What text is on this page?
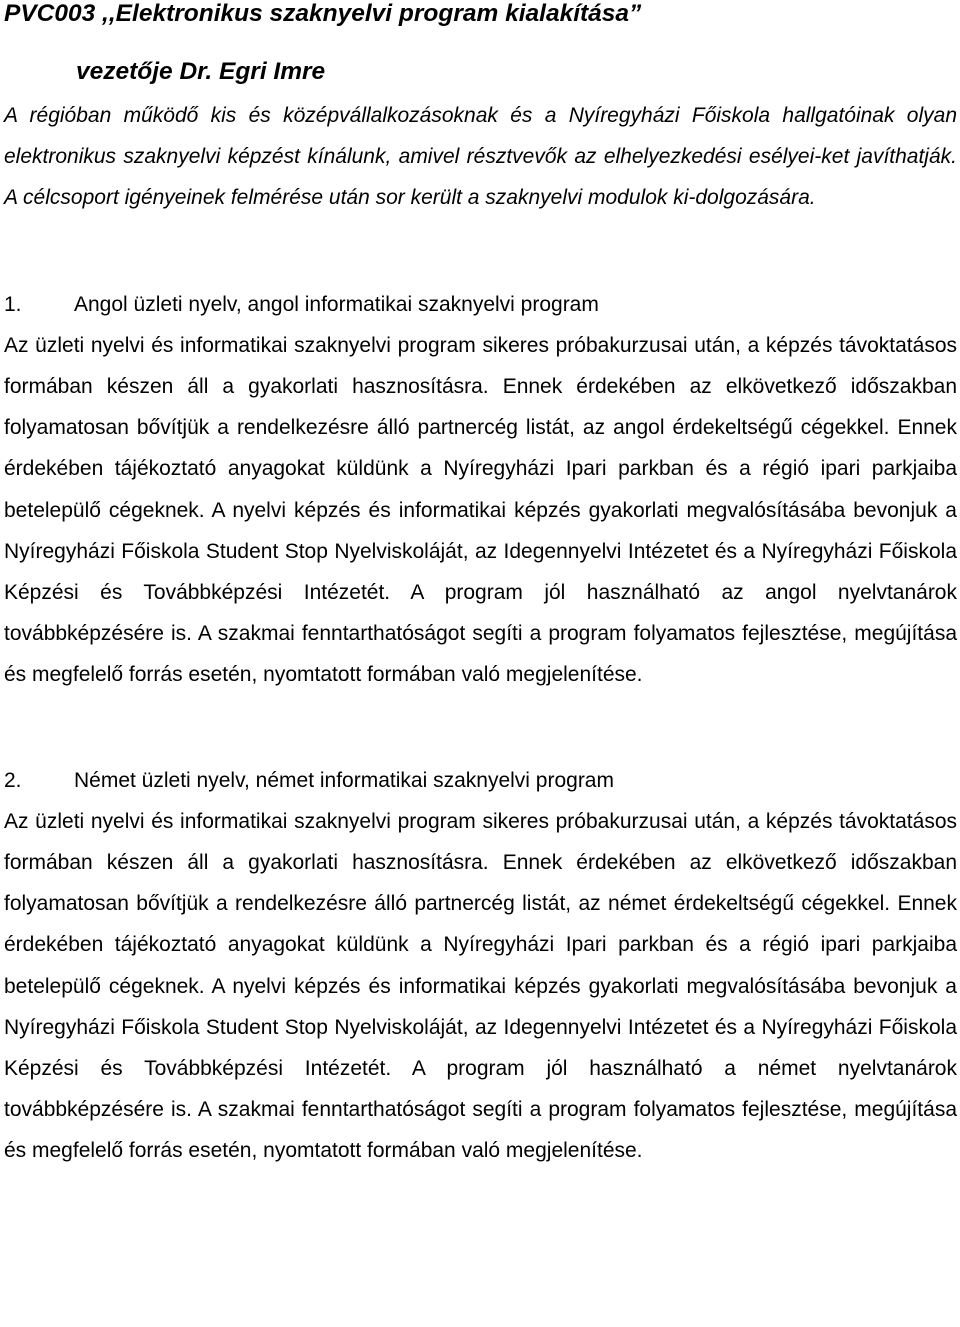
PVC003 ,,Elektronikus szaknyelvi program kialakítása”
vezetője Dr. Egri Imre

A régióban működő kis és középvállalkozásoknak és a Nyíregyházi Főiskola hallgatóinak olyan elektronikus szaknyelvi képzést kínálunk, amivel résztvevők az elhelyezkedési esélyei-ket javíthatják. A célcsoport igényeinek felmérése után sor került a szaknyelvi modulok ki-dolgozására.

1. Angol üzleti nyelv, angol informatikai szaknyelvi program

Az üzleti nyelvi és informatikai szaknyelvi program sikeres próbakurzusai után, a képzés távoktatásos formában készen áll a gyakorlati hasznosításra. Ennek érdekében az elkövetkező időszakban folyamatosan bővítjük a rendelkezésre álló partnercég listát, az angol érdekeltségű cégekkel. Ennek érdekében tájékoztató anyagokat küldünk a Nyíregyházi Ipari parkban és a régió ipari parkjaiba betelepülő cégeknek. A nyelvi képzés és informatikai képzés gyakorlati megvalósításába bevonjuk a Nyíregyházi Főiskola Student Stop Nyelviskoláját, az Idegennyelvi Intézetet és a Nyíregyházi Főiskola Képzési és Továbbképzési Intézetét. A program jól használható az angol nyelvtanárok továbbképzésére is. A szakmai fenntarthatóságot segíti a program folyamatos fejlesztése, megújítása és megfelelő forrás esetén, nyomtatott formában való megjelenítése.

2. Német üzleti nyelv, német informatikai szaknyelvi program

Az üzleti nyelvi és informatikai szaknyelvi program sikeres próbakurzusai után, a képzés távoktatásos formában készen áll a gyakorlati hasznosításra. Ennek érdekében az elkövetkező időszakban folyamatosan bővítjük a rendelkezésre álló partnercég listát, az német érdekeltségű cégekkel. Ennek érdekében tájékoztató anyagokat küldünk a Nyíregyházi Ipari parkban és a régió ipari parkjaiba betelepülő cégeknek. A nyelvi képzés és informatikai képzés gyakorlati megvalósításába bevonjuk a Nyíregyházi Főiskola Student Stop Nyelviskoláját, az Idegennyelvi Intézetet és a Nyíregyházi Főiskola Képzési és Továbbképzési Intézetét. A program jól használható a német nyelvtanárok továbbképzésére is. A szakmai fenntarthatóságot segíti a program folyamatos fejlesztése, megújítása és megfelelő forrás esetén, nyomtatott formában való megjelenítése.
